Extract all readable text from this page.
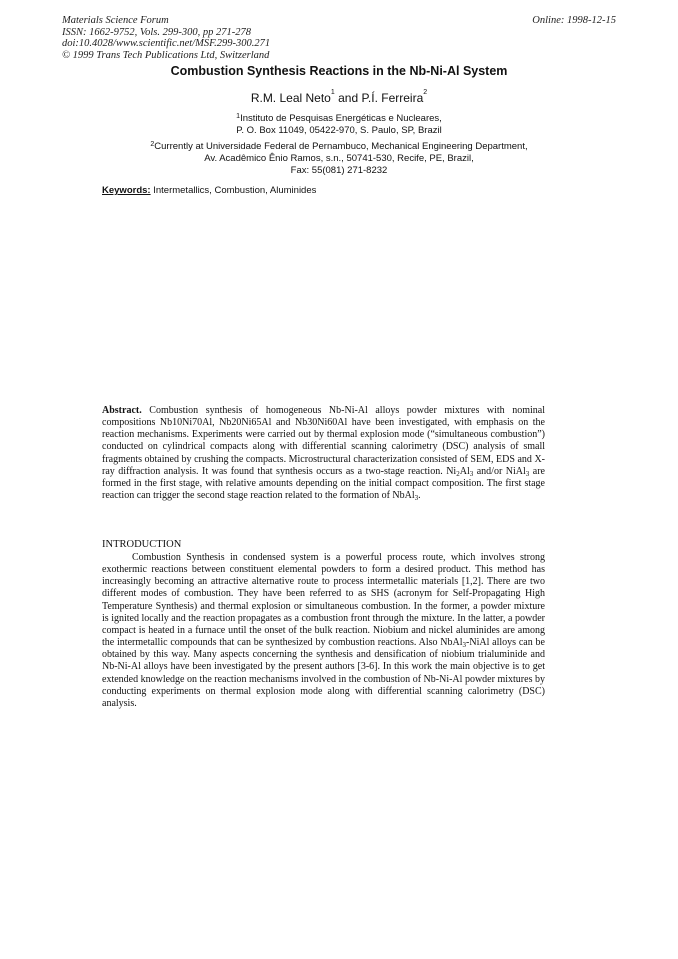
Materials Science Forum
ISSN: 1662-9752, Vols. 299-300, pp 271-278
doi:10.4028/www.scientific.net/MSF.299-300.271
© 1999 Trans Tech Publications Ltd, Switzerland
Online: 1998-12-15
Combustion Synthesis Reactions in the Nb-Ni-Al System
R.M. Leal Neto$^1$ and P.Í. Ferreira$^2$
$^1$Instituto de Pesquisas Energéticas e Nucleares,
P. O. Box 11049, 05422-970, S. Paulo, SP, Brazil
$^2$Currently at Universidade Federal de Pernambuco, Mechanical Engineering Department,
Av. Acadêmico Ênio Ramos, s.n., 50741-530, Recife, PE, Brazil,
Fax: 55(081) 271-8232
Keywords: Intermetallics, Combustion, Aluminides
Abstract. Combustion synthesis of homogeneous Nb-Ni-Al alloys powder mixtures with nominal compositions Nb10Ni70Al, Nb20Ni65Al and Nb30Ni60Al have been investigated, with emphasis on the reaction mechanisms. Experiments were carried out by thermal explosion mode (“simultaneous combustion”) conducted on cylindrical compacts along with differential scanning calorimetry (DSC) analysis of small fragments obtained by crushing the compacts. Microstructural characterization consisted of SEM, EDS and X-ray diffraction analysis. It was found that synthesis occurs as a two-stage reaction. $Ni_2Al_3$ and/or NiAl$_3$ are formed in the first stage, with relative amounts depending on the initial compact composition. The first stage reaction can trigger the second stage reaction related to the formation of NbAl$_3$.
INTRODUCTION

Combustion Synthesis in condensed system is a powerful process route, which involves strong exothermic reactions between constituent elemental powders to form a desired product. This method has increasingly becoming an attractive alternative route to process intermetallic materials [1,2]. There are two different modes of combustion. They have been referred to as SHS (acronym for Self-Propagating High Temperature Synthesis) and thermal explosion or simultaneous combustion. In the former, a powder mixture is ignited locally and the reaction propagates as a combustion front through the mixture. In the latter, a powder compact is heated in a furnace until the onset of the bulk reaction. Niobium and nickel aluminides are among the intermetallic compounds that can be synthesized by combustion reactions. Also NbAl$_3$-NiAl alloys can be obtained by this way. Many aspects concerning the synthesis and densification of niobium trialuminide and Nb-Ni-Al alloys have been investigated by the present authors [3-6]. In this work the main objective is to get extended knowledge on the reaction mechanisms involved in the combustion of Nb-Ni-Al powder mixtures by conducting experiments on thermal explosion mode along with differential scanning calorimetry (DSC) analysis.
